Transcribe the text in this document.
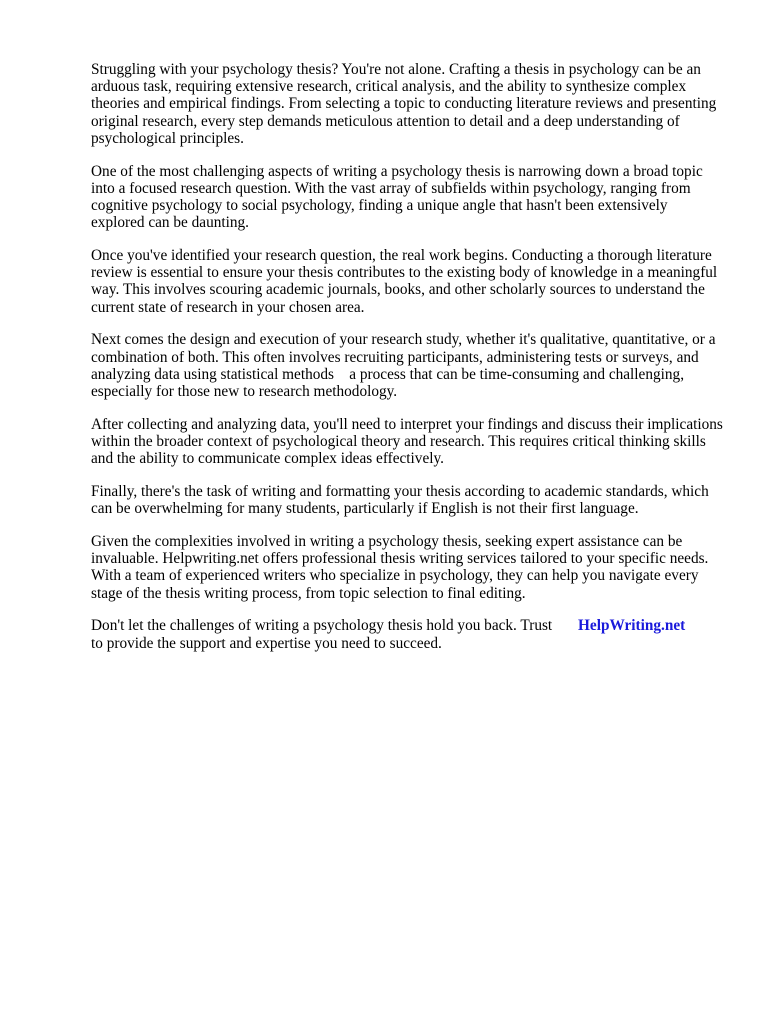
Struggling with your psychology thesis? You're not alone. Crafting a thesis in psychology can be an arduous task, requiring extensive research, critical analysis, and the ability to synthesize complex theories and empirical findings. From selecting a topic to conducting literature reviews and presenting original research, every step demands meticulous attention to detail and a deep understanding of psychological principles.

One of the most challenging aspects of writing a psychology thesis is narrowing down a broad topic into a focused research question. With the vast array of subfields within psychology, ranging from cognitive psychology to social psychology, finding a unique angle that hasn't been extensively explored can be daunting.

Once you've identified your research question, the real work begins. Conducting a thorough literature review is essential to ensure your thesis contributes to the existing body of knowledge in a meaningful way. This involves scouring academic journals, books, and other scholarly sources to understand the current state of research in your chosen area.

Next comes the design and execution of your research study, whether it's qualitative, quantitative, or a combination of both. This often involves recruiting participants, administering tests or surveys, and analyzing data using statistical methods    a process that can be time-consuming and challenging, especially for those new to research methodology.

After collecting and analyzing data, you'll need to interpret your findings and discuss their implications within the broader context of psychological theory and research. This requires critical thinking skills and the ability to communicate complex ideas effectively.

Finally, there's the task of writing and formatting your thesis according to academic standards, which can be overwhelming for many students, particularly if English is not their first language.

Given the complexities involved in writing a psychology thesis, seeking expert assistance can be invaluable. Helpwriting.net offers professional thesis writing services tailored to your specific needs. With a team of experienced writers who specialize in psychology, they can help you navigate every stage of the thesis writing process, from topic selection to final editing.

Don't let the challenges of writing a psychology thesis hold you back. Trust HelpWriting.net
to provide the support and expertise you need to succeed.
